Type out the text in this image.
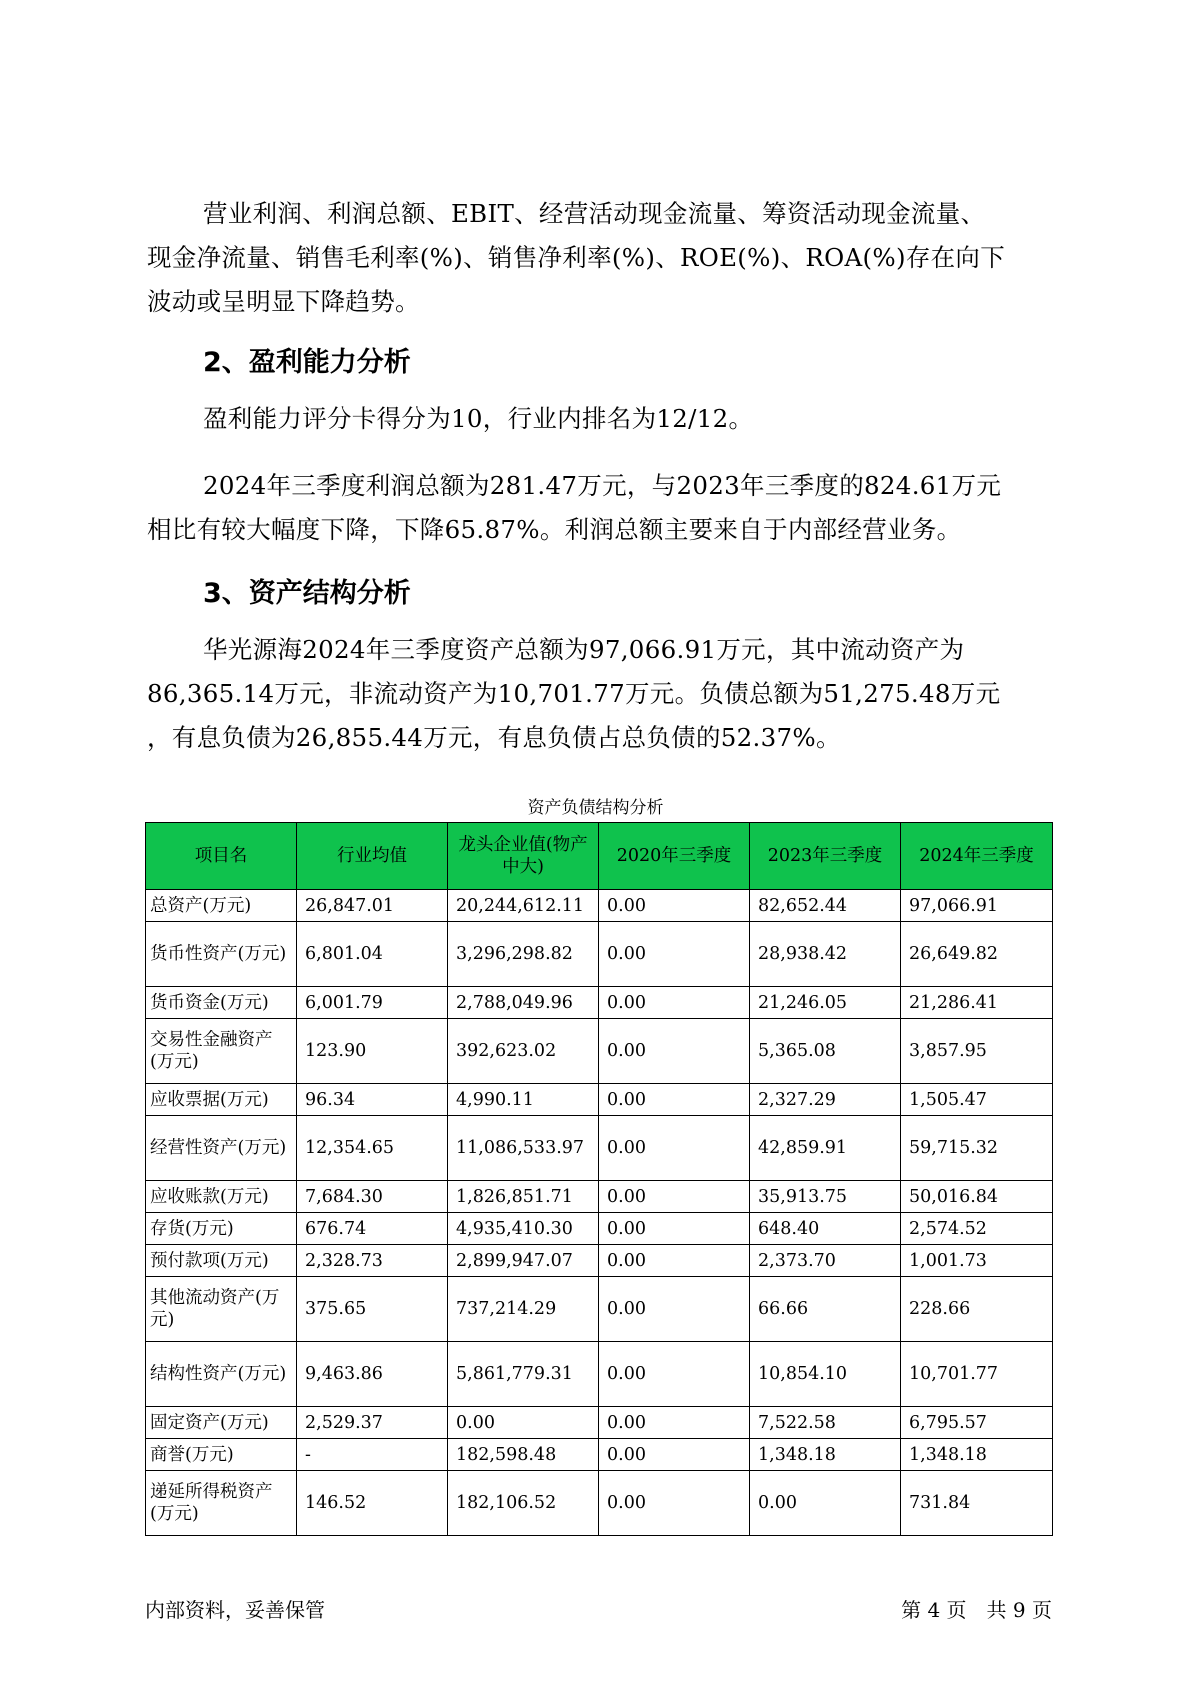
营业利润、利润总额、EBIT、经营活动现金流量、筹资活动现金流量、
现金净流量、销售毛利率(%)、销售净利率(%)、ROE(%)、ROA(%)存在向下
波动或呈明显下降趋势。

2、盈利能力分析

盈利能力评分卡得分为10，行业内排名为12/12。

2024年三季度利润总额为281.47万元，与2023年三季度的824.61万元
相比有较大幅度下降，下降65.87%。利润总额主要来自于内部经营业务。

3、资产结构分析

华光源海2024年三季度资产总额为97,066.91万元，其中流动资产为
86,365.14万元，非流动资产为10,701.77万元。负债总额为51,275.48万元
，有息负债为26,855.44万元，有息负债占总负债的52.37%。

资产负债结构分析
项目名	行业均值	龙头企业值(物产中大)	2020年三季度	2023年三季度	2024年三季度
总资产(万元)	26,847.01	20,244,612.11	0.00	82,652.44	97,066.91
货币性资产(万元)	6,801.04	3,296,298.82	0.00	28,938.42	26,649.82
货币资金(万元)	6,001.79	2,788,049.96	0.00	21,246.05	21,286.41
交易性金融资产(万元)	123.90	392,623.02	0.00	5,365.08	3,857.95
应收票据(万元)	96.34	4,990.11	0.00	2,327.29	1,505.47
经营性资产(万元)	12,354.65	11,086,533.97	0.00	42,859.91	59,715.32
应收账款(万元)	7,684.30	1,826,851.71	0.00	35,913.75	50,016.84
存货(万元)	676.74	4,935,410.30	0.00	648.40	2,574.52
预付款项(万元)	2,328.73	2,899,947.07	0.00	2,373.70	1,001.73
其他流动资产(万元)	375.65	737,214.29	0.00	66.66	228.66
结构性资产(万元)	9,463.86	5,861,779.31	0.00	10,854.10	10,701.77
固定资产(万元)	2,529.37	0.00	0.00	7,522.58	6,795.57
商誉(万元)	-	182,598.48	0.00	1,348.18	1,348.18
递延所得税资产(万元)	146.52	182,106.52	0.00	0.00	731.84
内部资料，妥善保管	第 4 页　共 9 页
